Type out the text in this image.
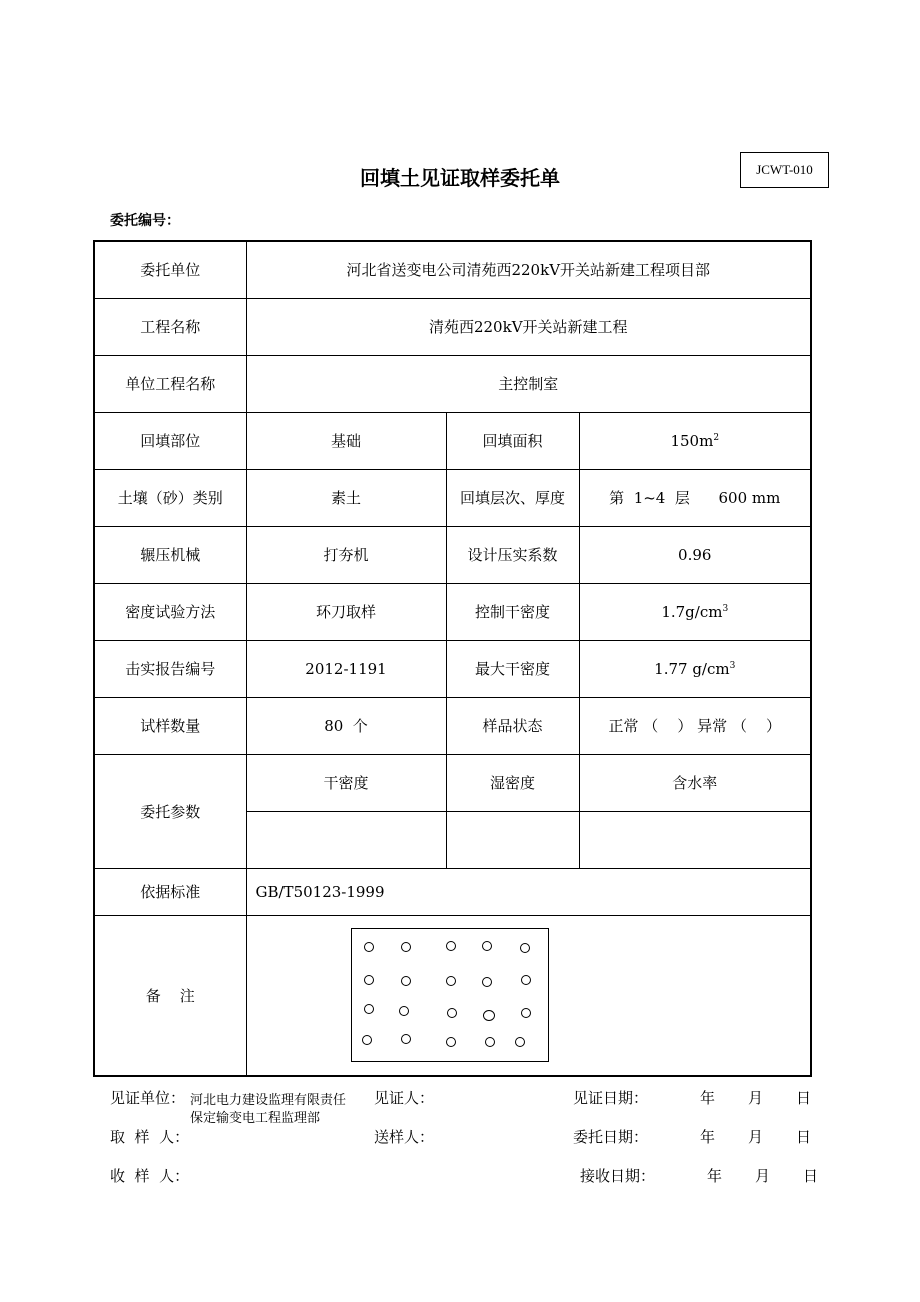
回填土见证取样委托单	JCWT-010
委托编号：
委托单位	河北省送变电公司清苑西220kV开关站新建工程项目部		
工程名称	清苑西220kV开关站新建工程		
单位工程名称	主控制室		
回填部位	基础	回填面积	$150m^2$
土壤（砂）类别	素土	回填层次、厚度	第  1~4  层      600 mm
辗压机械	打夯机	设计压实系数	0.96
密度试验方法	环刀取样	控制干密度	$1.7g/cm^3$
击实报告编号	2012-1191	最大干密度	1.77 $g/cm^3$
试样数量	80  个	样品状态	正常 （    ） 异常 （    ）
委托参数	干密度	湿密度	含水率

依据标准	GB/T50123-1999		
备    注			
见证单位： 河北电力建设监理有限责任
保定输变电工程监理部
见证人：	见证日期：	年 月 日
取  样  人：	送样人：	委托日期：	年 月 日
收  样  人：	接收日期：	年 月 日
